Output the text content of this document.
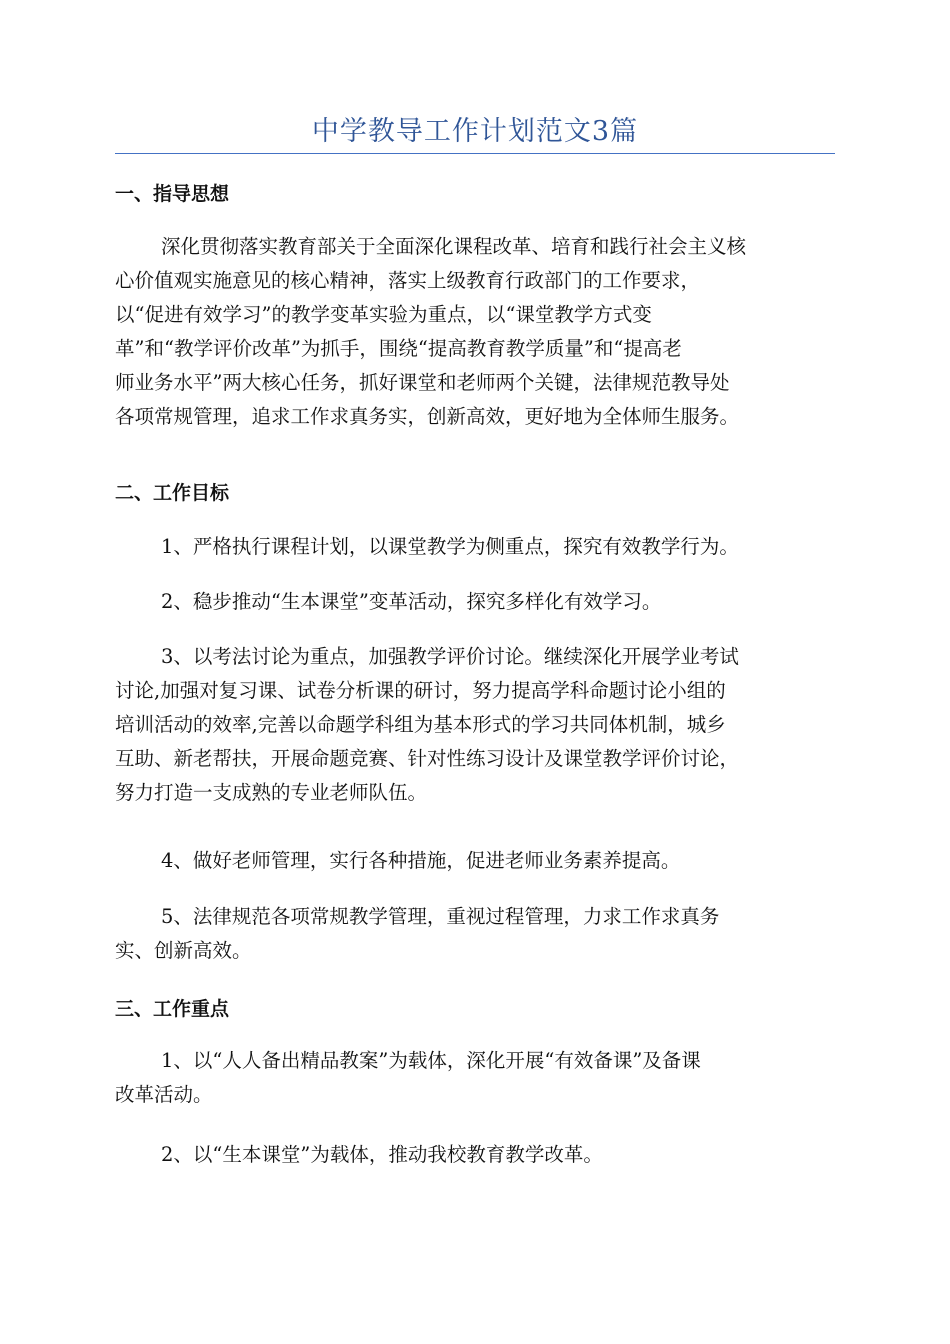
中学教导工作计划范文3篇
一、指导思想

深化贯彻落实教育部关于全面深化课程改革、培育和践行社会主义核
心价值观实施意见的核心精神，落实上级教育行政部门的工作要求，
以“促进有效学习”的教学变革实验为重点，以“课堂教学方式变
革”和“教学评价改革”为抓手，围绕“提高教育教学质量”和“提高老
师业务水平”两大核心任务，抓好课堂和老师两个关键，法律规范教导处
各项常规管理，追求工作求真务实，创新高效，更好地为全体师生服务。

二、工作目标

1、严格执行课程计划，以课堂教学为侧重点，探究有效教学行为。

2、稳步推动“生本课堂”变革活动，探究多样化有效学习。

3、以考法讨论为重点，加强教学评价讨论。继续深化开展学业考试
讨论,加强对复习课、试卷分析课的研讨，努力提高学科命题讨论小组的
培训活动的效率,完善以命题学科组为基本形式的学习共同体机制，城乡
互助、新老帮扶，开展命题竞赛、针对性练习设计及课堂教学评价讨论，
努力打造一支成熟的专业老师队伍。

4、做好老师管理，实行各种措施，促进老师业务素养提高。

5、法律规范各项常规教学管理，重视过程管理，力求工作求真务
实、创新高效。

三、工作重点

1、以“人人备出精品教案”为载体，深化开展“有效备课”及备课
改革活动。

2、以“生本课堂”为载体，推动我校教育教学改革。
